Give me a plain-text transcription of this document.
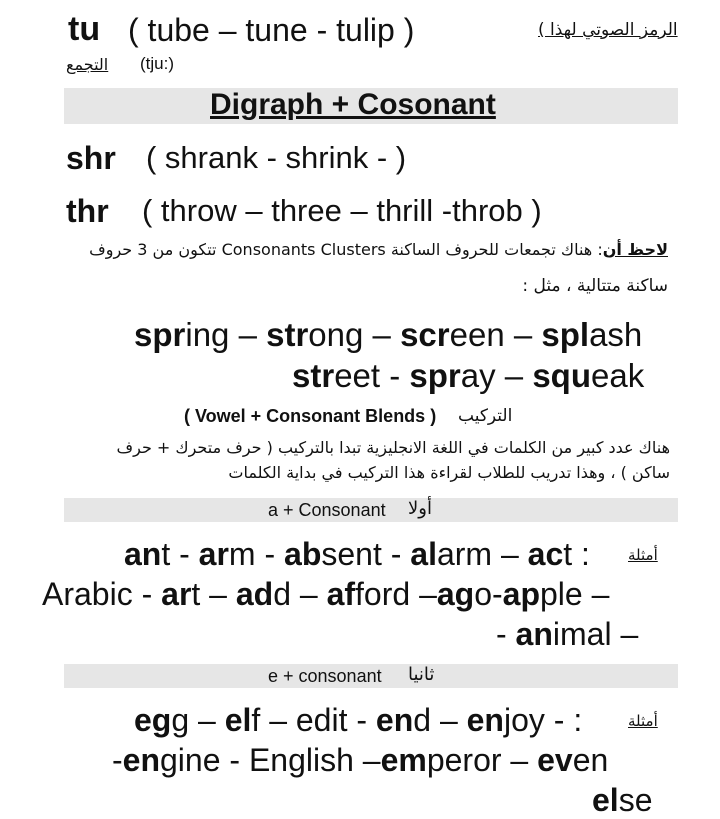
tu ( tube – tune - tulip )
(tju:)
التجمع
الرمز الصوتي لهذا )
Digraph + Cosonant
shr ( shrank - shrink - )
thr ( throw – three – thrill -throb )
لاحظ أن: هناك تجمعات للحروف الساكنة Consonants Clusters تتكون من 3 حروف
ساكنة متتالية ، مثل :
spring – strong – screen – splash
street - spray – squeak
( Vowel + Consonant Blends ) التركيب
هناك عدد كبير من الكلمات في اللغة الانجليزية تبدا بالتركيب ( حرف متحرك + حرف
ساكن ) ، وهذا تدريب للطلاب لقراءة هذا التركيب في بداية الكلمات
a + Consonant أولا
ant - arm - absent - alarm – act :	أمثلة
Arabic - art – add – afford –ago-apple –
- animal –
e + consonant ثانيا
egg – elf – edit - end – enjoy - :	أمثلة
-engine - English –emperor – even
else
